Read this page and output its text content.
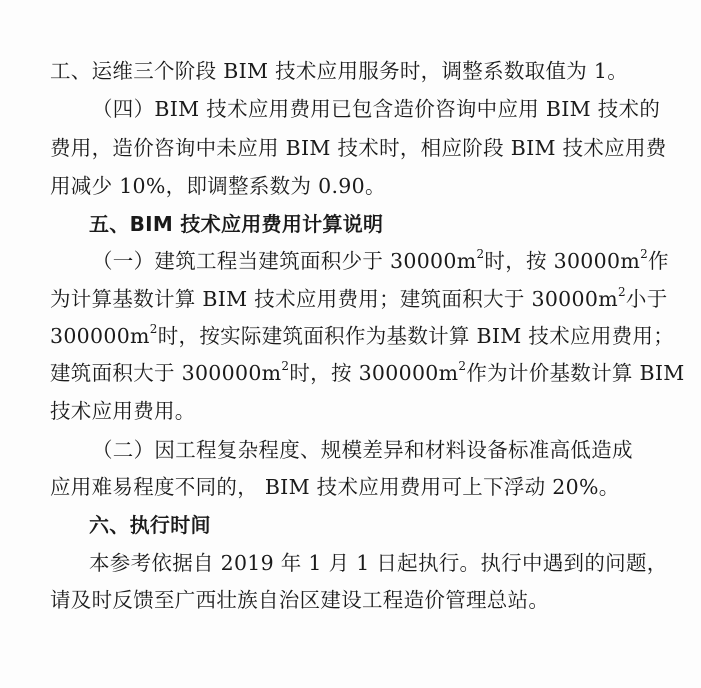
工、运维三个阶段 BIM 技术应用服务时，调整系数取值为 1。
（四）BIM 技术应用费用已包含造价咨询中应用 BIM 技术的
费用，造价咨询中未应用 BIM 技术时，相应阶段 BIM 技术应用费
用减少 10%，即调整系数为 0.90。
五、BIM 技术应用费用计算说明
（一）建筑工程当建筑面积少于 $30000m^2$时，按 $30000m^2$作
为计算基数计算 BIM 技术应用费用；建筑面积大于 $30000m^2$小于
$300000m^2$时，按实际建筑面积作为基数计算 BIM 技术应用费用；
建筑面积大于 $300000m^2$时，按 $300000m^2$作为计价基数计算 BIM
技术应用费用。
（二）因工程复杂程度、规模差异和材料设备标准高低造成
应用难易程度不同的， BIM 技术应用费用可上下浮动 20%。
六、执行时间
本参考依据自 2019 年 1 月 1 日起执行。执行中遇到的问题，
请及时反馈至广西壮族自治区建设工程造价管理总站。
